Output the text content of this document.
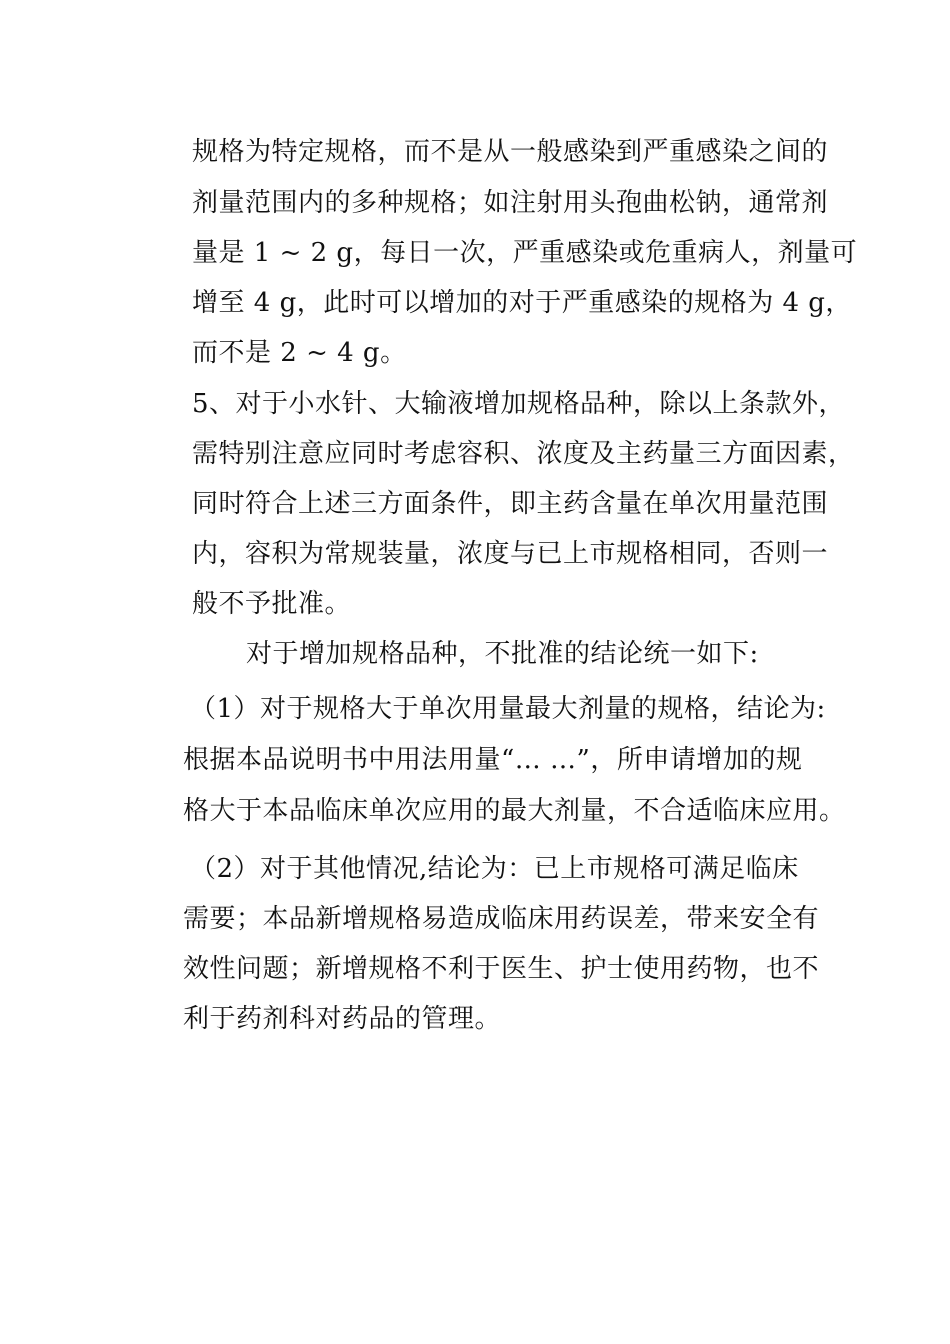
规格为特定规格，而不是从一般感染到严重感染之间的
剂量范围内的多种规格；如注射用头孢曲松钠，通常剂
量是 1 ~ 2 g，每日一次，严重感染或危重病人，剂量可
增至 4 g，此时可以增加的对于严重感染的规格为 4 g，
而不是 2 ~ 4 g。
5、对于小水针、大输液增加规格品种，除以上条款外，
需特别注意应同时考虑容积、浓度及主药量三方面因素，
同时符合上述三方面条件，即主药含量在单次用量范围
内，容积为常规装量，浓度与已上市规格相同，否则一
般不予批准。
对于增加规格品种，不批准的结论统一如下:
（1）对于规格大于单次用量最大剂量的规格，结论为:
根据本品说明书中用法用量“… …”，所申请增加的规
格大于本品临床单次应用的最大剂量，不合适临床应用。
（2）对于其他情况,结论为：已上市规格可满足临床
需要；本品新增规格易造成临床用药误差，带来安全有
效性问题；新增规格不利于医生、护士使用药物，也不
利于药剂科对药品的管理。
